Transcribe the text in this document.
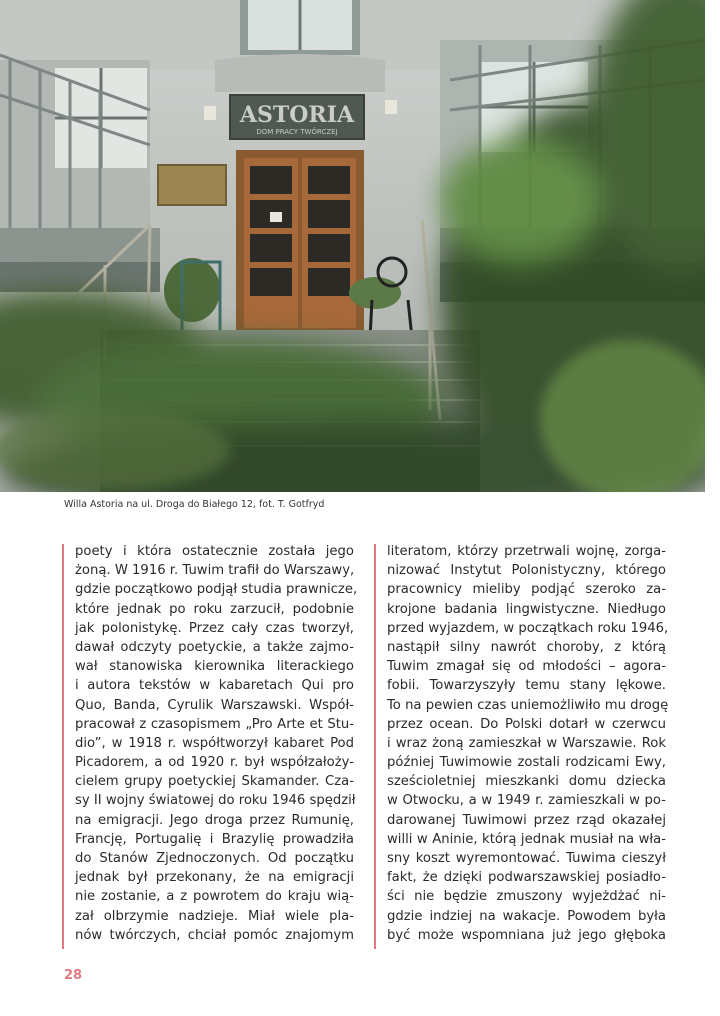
ASTORIA
DOM PRACY TWÓRCZEJ
Willa Astoria na ul. Droga do Białego 12, fot. T. Gotfryd
poety i która ostatecznie została jego
żoną. W 1916 r. Tuwim trafił do Warszawy,
gdzie początkowo podjął studia prawnicze,
które jednak po roku zarzucił, podobnie
jak polonistykę. Przez cały czas tworzył,
dawał odczyty poetyckie, a także zajmo-
wał stanowiska kierownika literackiego
i autora tekstów w kabaretach Qui pro
Quo, Banda, Cyrulik Warszawski. Współ-
pracował z czasopismem „Pro Arte et Stu-
dio”, w 1918 r. współtworzył kabaret Pod
Picadorem, a od 1920 r. był współzałoży-
cielem grupy poetyckiej Skamander. Cza-
sy II wojny światowej do roku 1946 spędził
na emigracji. Jego droga przez Rumunię,
Francję, Portugalię i Brazylię prowadziła
do Stanów Zjednoczonych. Od początku
jednak był przekonany, że na emigracji
nie zostanie, a z powrotem do kraju wią-
zał olbrzymie nadzieje. Miał wiele pla-
nów twórczych, chciał pomóc znajomym
literatom, którzy przetrwali wojnę, zorga-
nizować Instytut Polonistyczny, którego
pracownicy mieliby podjąć szeroko za-
krojone badania lingwistyczne. Niedługo
przed wyjazdem, w początkach roku 1946,
nastąpił silny nawrót choroby, z którą
Tuwim zmagał się od młodości – agora-
fobii. Towarzyszyły temu stany lękowe.
To na pewien czas uniemożliwiło mu drogę
przez ocean. Do Polski dotarł w czerwcu
i wraz żoną zamieszkał w Warszawie. Rok
później Tuwimowie zostali rodzicami Ewy,
sześcioletniej mieszkanki domu dziecka
w Otwocku, a w 1949 r. zamieszkali w po-
darowanej Tuwimowi przez rząd okazałej
willi w Aninie, którą jednak musiał na wła-
sny koszt wyremontować. Tuwima cieszył
fakt, że dzięki podwarszawskiej posiadło-
ści nie będzie zmuszony wyjeżdżać ni-
gdzie indziej na wakacje. Powodem była
być może wspomniana już jego głęboka
28
